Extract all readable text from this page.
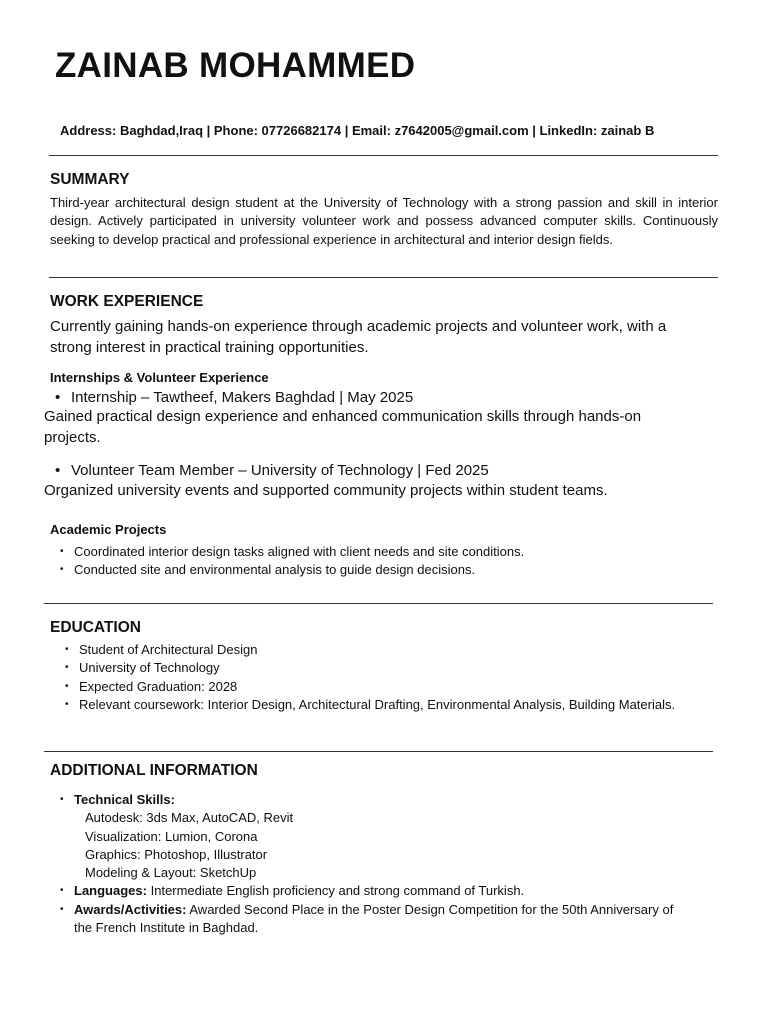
ZAINAB MOHAMMED
Address: Baghdad,Iraq | Phone: 07726682174 | Email: z7642005@gmail.com | LinkedIn: zainab B
SUMMARY

Third-year architectural design student at the University of Technology with a strong passion and skill in interior design. Actively participated in university volunteer work and possess advanced computer skills. Continuously seeking to develop practical and professional experience in architectural and interior design fields.

WORK EXPERIENCE

Currently gaining hands-on experience through academic projects and volunteer work, with a strong interest in practical training opportunities.

Internships & Volunteer Experience
• Internship – Tawtheef, Makers Baghdad | May 2025

Gained practical design experience and enhanced communication skills through hands-on projects.

• Volunteer Team Member – University of Technology | Fed 2025

Organized university events and supported community projects within student teams.

Academic Projects
• Coordinated interior design tasks aligned with client needs and site conditions.
• Conducted site and environmental analysis to guide design decisions.
EDUCATION
• Student of Architectural Design
• University of Technology
• Expected Graduation: 2028
• Relevant coursework: Interior Design, Architectural Drafting, Environmental Analysis, Building Materials.
ADDITIONAL INFORMATION
• Technical Skills:
Autodesk: 3ds Max, AutoCAD, Revit
Visualization: Lumion, Corona
Graphics: Photoshop, Illustrator
Modeling & Layout: SketchUp
• Languages: Intermediate English proficiency and strong command of Turkish.
• Awards/Activities: Awarded Second Place in the Poster Design Competition for the 50th Anniversary of the French Institute in Baghdad.
